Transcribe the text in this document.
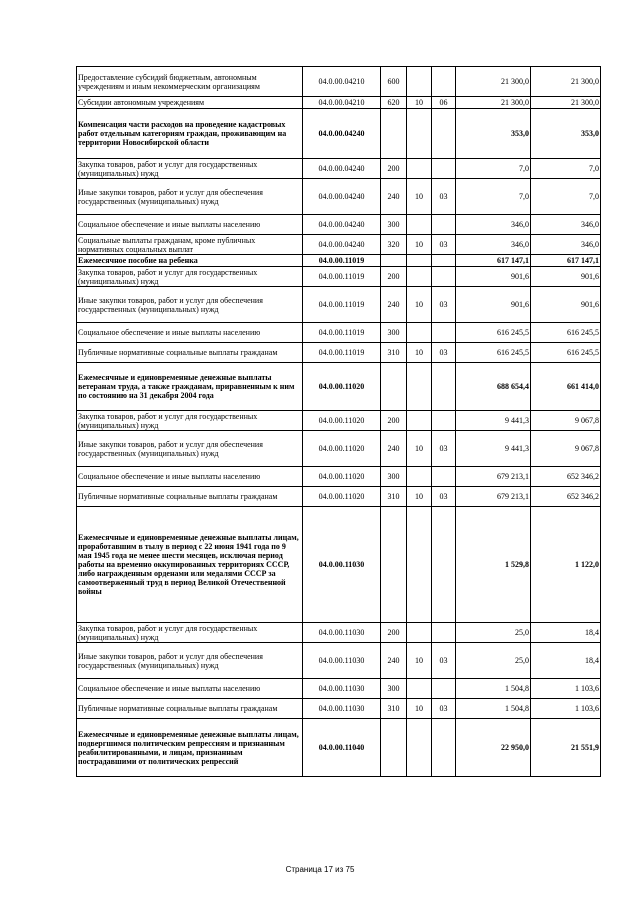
Предоставление субсидий бюджетным, автономным учреждениям и иным некоммерческим организациям	04.0.00.04210	600			21 300,0	21 300,0
Субсидии автономным учреждениям	04.0.00.04210	620	10	06	21 300,0	21 300,0
Компенсация части расходов на проведение кадастровых работ отдельным категориям граждан, проживающим на территории Новосибирской области	04.0.00.04240				353,0	353,0
Закупка товаров, работ и услуг для государственных (муниципальных) нужд	04.0.00.04240	200			7,0	7,0
Иные закупки товаров, работ и услуг для обеспечения государственных (муниципальных) нужд	04.0.00.04240	240	10	03	7,0	7,0
Социальное обеспечение и иные выплаты населению	04.0.00.04240	300			346,0	346,0
Социальные выплаты гражданам, кроме публичных нормативных социальных выплат	04.0.00.04240	320	10	03	346,0	346,0
Ежемесячное пособие на ребенка	04.0.00.11019				617 147,1	617 147,1
Закупка товаров, работ и услуг для государственных (муниципальных) нужд	04.0.00.11019	200			901,6	901,6
Иные закупки товаров, работ и услуг для обеспечения государственных (муниципальных) нужд	04.0.00.11019	240	10	03	901,6	901,6
Социальное обеспечение и иные выплаты населению	04.0.00.11019	300			616 245,5	616 245,5
Публичные нормативные социальные выплаты гражданам	04.0.00.11019	310	10	03	616 245,5	616 245,5
Ежемесячные и единовременные денежные выплаты ветеранам труда, а также гражданам, приравненным к ним по состоянию на 31 декабря 2004 года	04.0.00.11020				688 654,4	661 414,0
Закупка товаров, работ и услуг для государственных (муниципальных) нужд	04.0.00.11020	200			9 441,3	9 067,8
Иные закупки товаров, работ и услуг для обеспечения государственных (муниципальных) нужд	04.0.00.11020	240	10	03	9 441,3	9 067,8
Социальное обеспечение и иные выплаты населению	04.0.00.11020	300			679 213,1	652 346,2
Публичные нормативные социальные выплаты гражданам	04.0.00.11020	310	10	03	679 213,1	652 346,2
Ежемесячные и единовременные денежные выплаты лицам, проработавшим в тылу в период с 22 июня 1941 года по 9 мая 1945 года не менее шести месяцев, исключая период работы на временно оккупированных территориях СССР, либо награжденным орденами или медалями СССР за самоотверженный труд в период Великой Отечественной войны	04.0.00.11030				1 529,8	1 122,0
Закупка товаров, работ и услуг для государственных (муниципальных) нужд	04.0.00.11030	200			25,0	18,4
Иные закупки товаров, работ и услуг для обеспечения государственных (муниципальных) нужд	04.0.00.11030	240	10	03	25,0	18,4
Социальное обеспечение и иные выплаты населению	04.0.00.11030	300			1 504,8	1 103,6
Публичные нормативные социальные выплаты гражданам	04.0.00.11030	310	10	03	1 504,8	1 103,6
Ежемесячные и единовременные денежные выплаты лицам, подвергшимся политическим репрессиям и признанным реабилитированными, и лицам, признанным пострадавшими от политических репрессий	04.0.00.11040				22 950,0	21 551,9
Страница 17 из 75
